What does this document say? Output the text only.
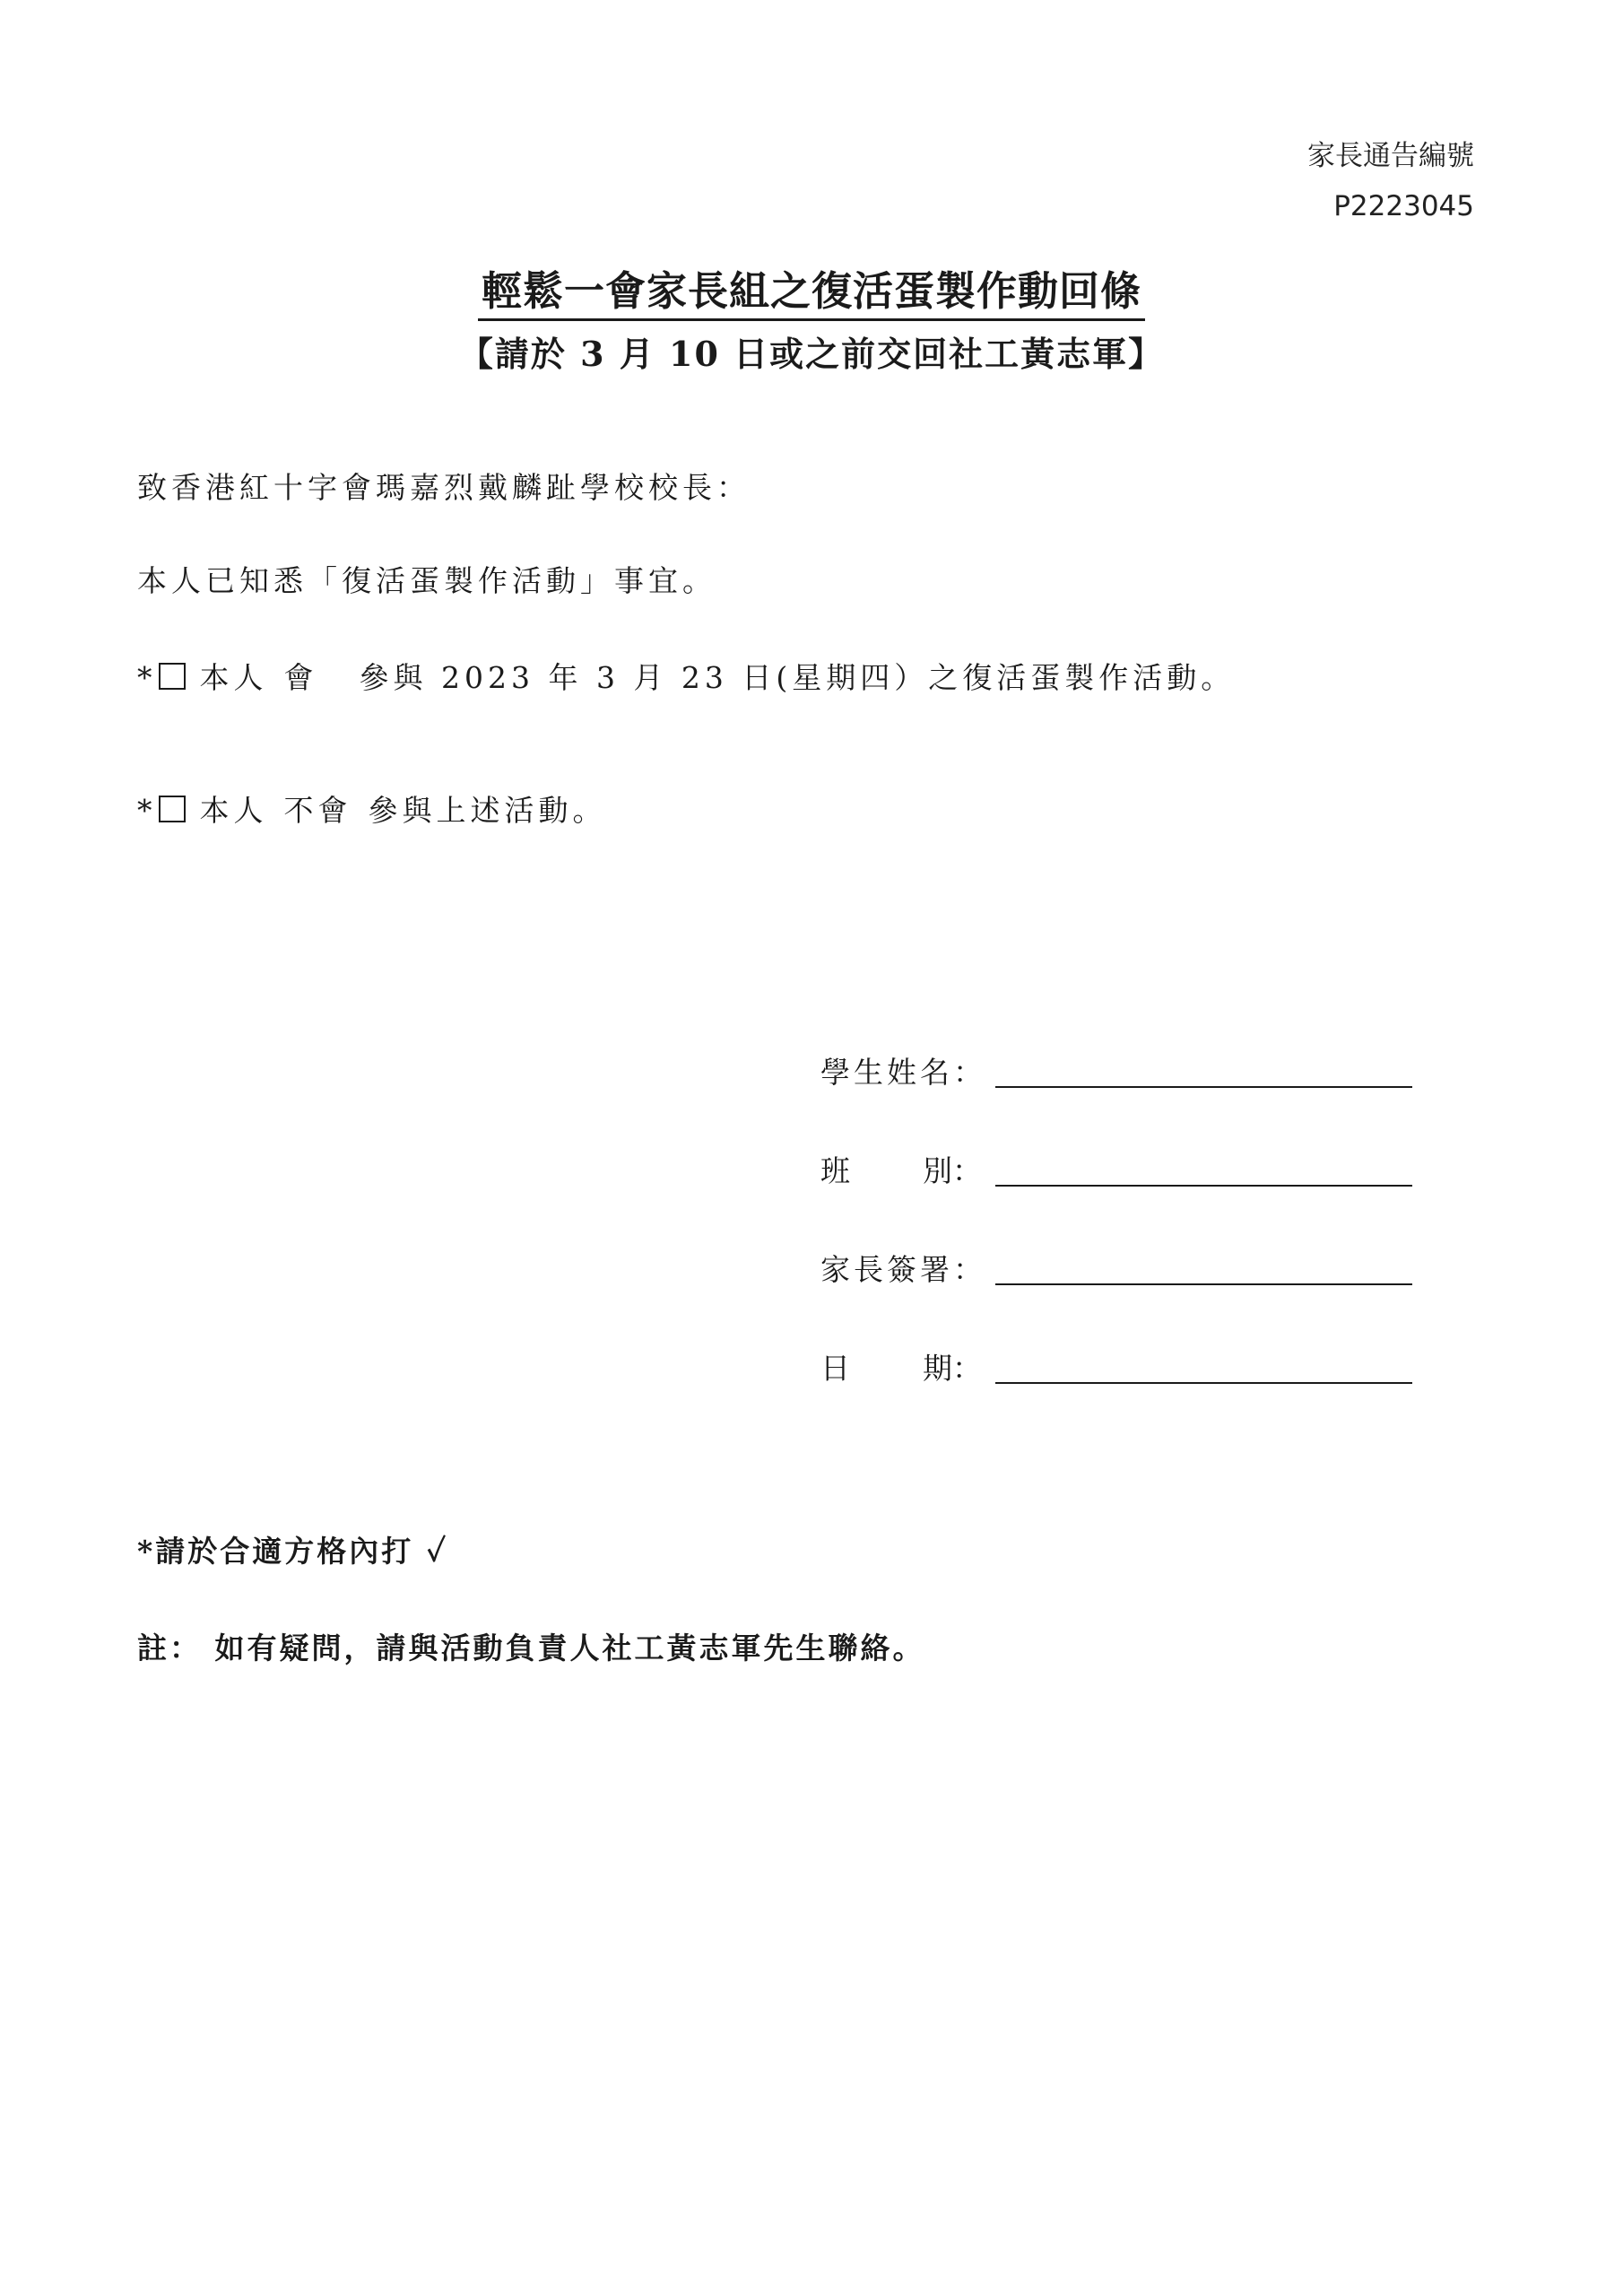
家長通告編號
P2223045
輕鬆一會家長組之復活蛋製作動回條
【請於 3 月 10 日或之前交回社工黃志軍】
致香港紅十字會瑪嘉烈戴麟趾學校校長：
本人已知悉「復活蛋製作活動」事宜。
* 本人 會 參與 2023 年 3 月 23 日(星期四）之復活蛋製作活動。
* 本人 不會 參與上述活動。
學生姓名：
班 別：
家長簽署：
日 期：
*請於合適方格內打 ✓
註： 如有疑問，請與活動負責人社工黃志軍先生聯絡。
